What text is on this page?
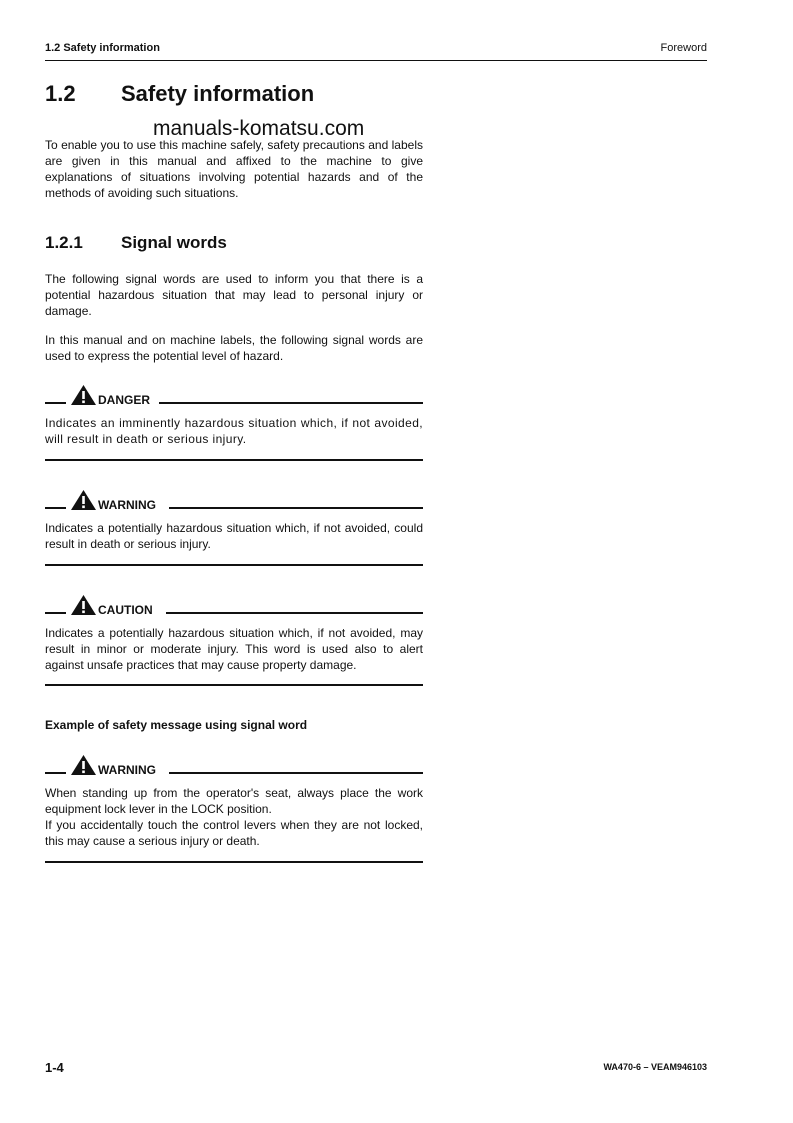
1.2 Safety information	Foreword
1.2 Safety information
manuals-komatsu.com

To enable you to use this machine safely, safety precautions and labels are given in this manual and affixed to the machine to give explanations of situations involving potential hazards and of the methods of avoiding such situations.

1.2.1 Signal words

The following signal words are used to inform you that there is a potential hazardous situation that may lead to personal injury or damage.

In this manual and on machine labels, the following signal words are used to express the potential level of hazard.

DANGER

Indicates an imminently hazardous situation which, if not avoided, will result in death or serious injury.

WARNING

Indicates a potentially hazardous situation which, if not avoided, could result in death or serious injury.

CAUTION

Indicates a potentially hazardous situation which, if not avoided, may result in minor or moderate injury. This word is used also to alert against unsafe practices that may cause property damage.

Example of safety message using signal word

WARNING

When standing up from the operator's seat, always place the work equipment lock lever in the LOCK position.

If you accidentally touch the control levers when they are not locked, this may cause a serious injury or death.

1-4	WA470-6 – VEAM946103
